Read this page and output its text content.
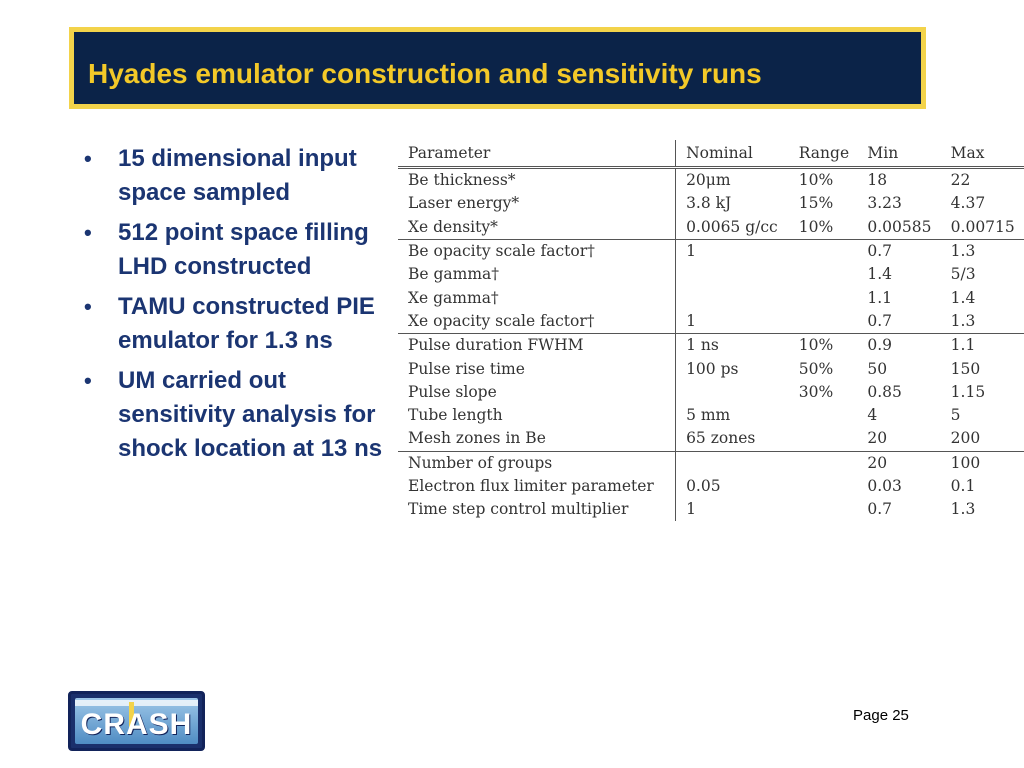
Hyades emulator construction and sensitivity runs
• 15 dimensional input space sampled
• 512 point space filling LHD constructed
• TAMU constructed PIE emulator for 1.3 ns
• UM carried out sensitivity analysis for shock location at 13 ns
Parameter	Nominal	Range	Min	Max
Be thickness*	20μm	10%	18	22
Laser energy*	3.8 kJ	15%	3.23	4.37
Xe density*	0.0065 g/cc	10%	0.00585	0.00715
Be opacity scale factor†	1		0.7	1.3
Be gamma†			1.4	5/3
Xe gamma†			1.1	1.4
Xe opacity scale factor†	1		0.7	1.3
Pulse duration FWHM	1 ns	10%	0.9	1.1
Pulse rise time	100 ps	50%	50	150
Pulse slope		30%	0.85	1.15
Tube length	5 mm		4	5
Mesh zones in Be	65 zones		20	200
Number of groups			20	100
Electron flux limiter parameter	0.05		0.03	0.1
Time step control multiplier	1		0.7	1.3
CRASH	Page 25
